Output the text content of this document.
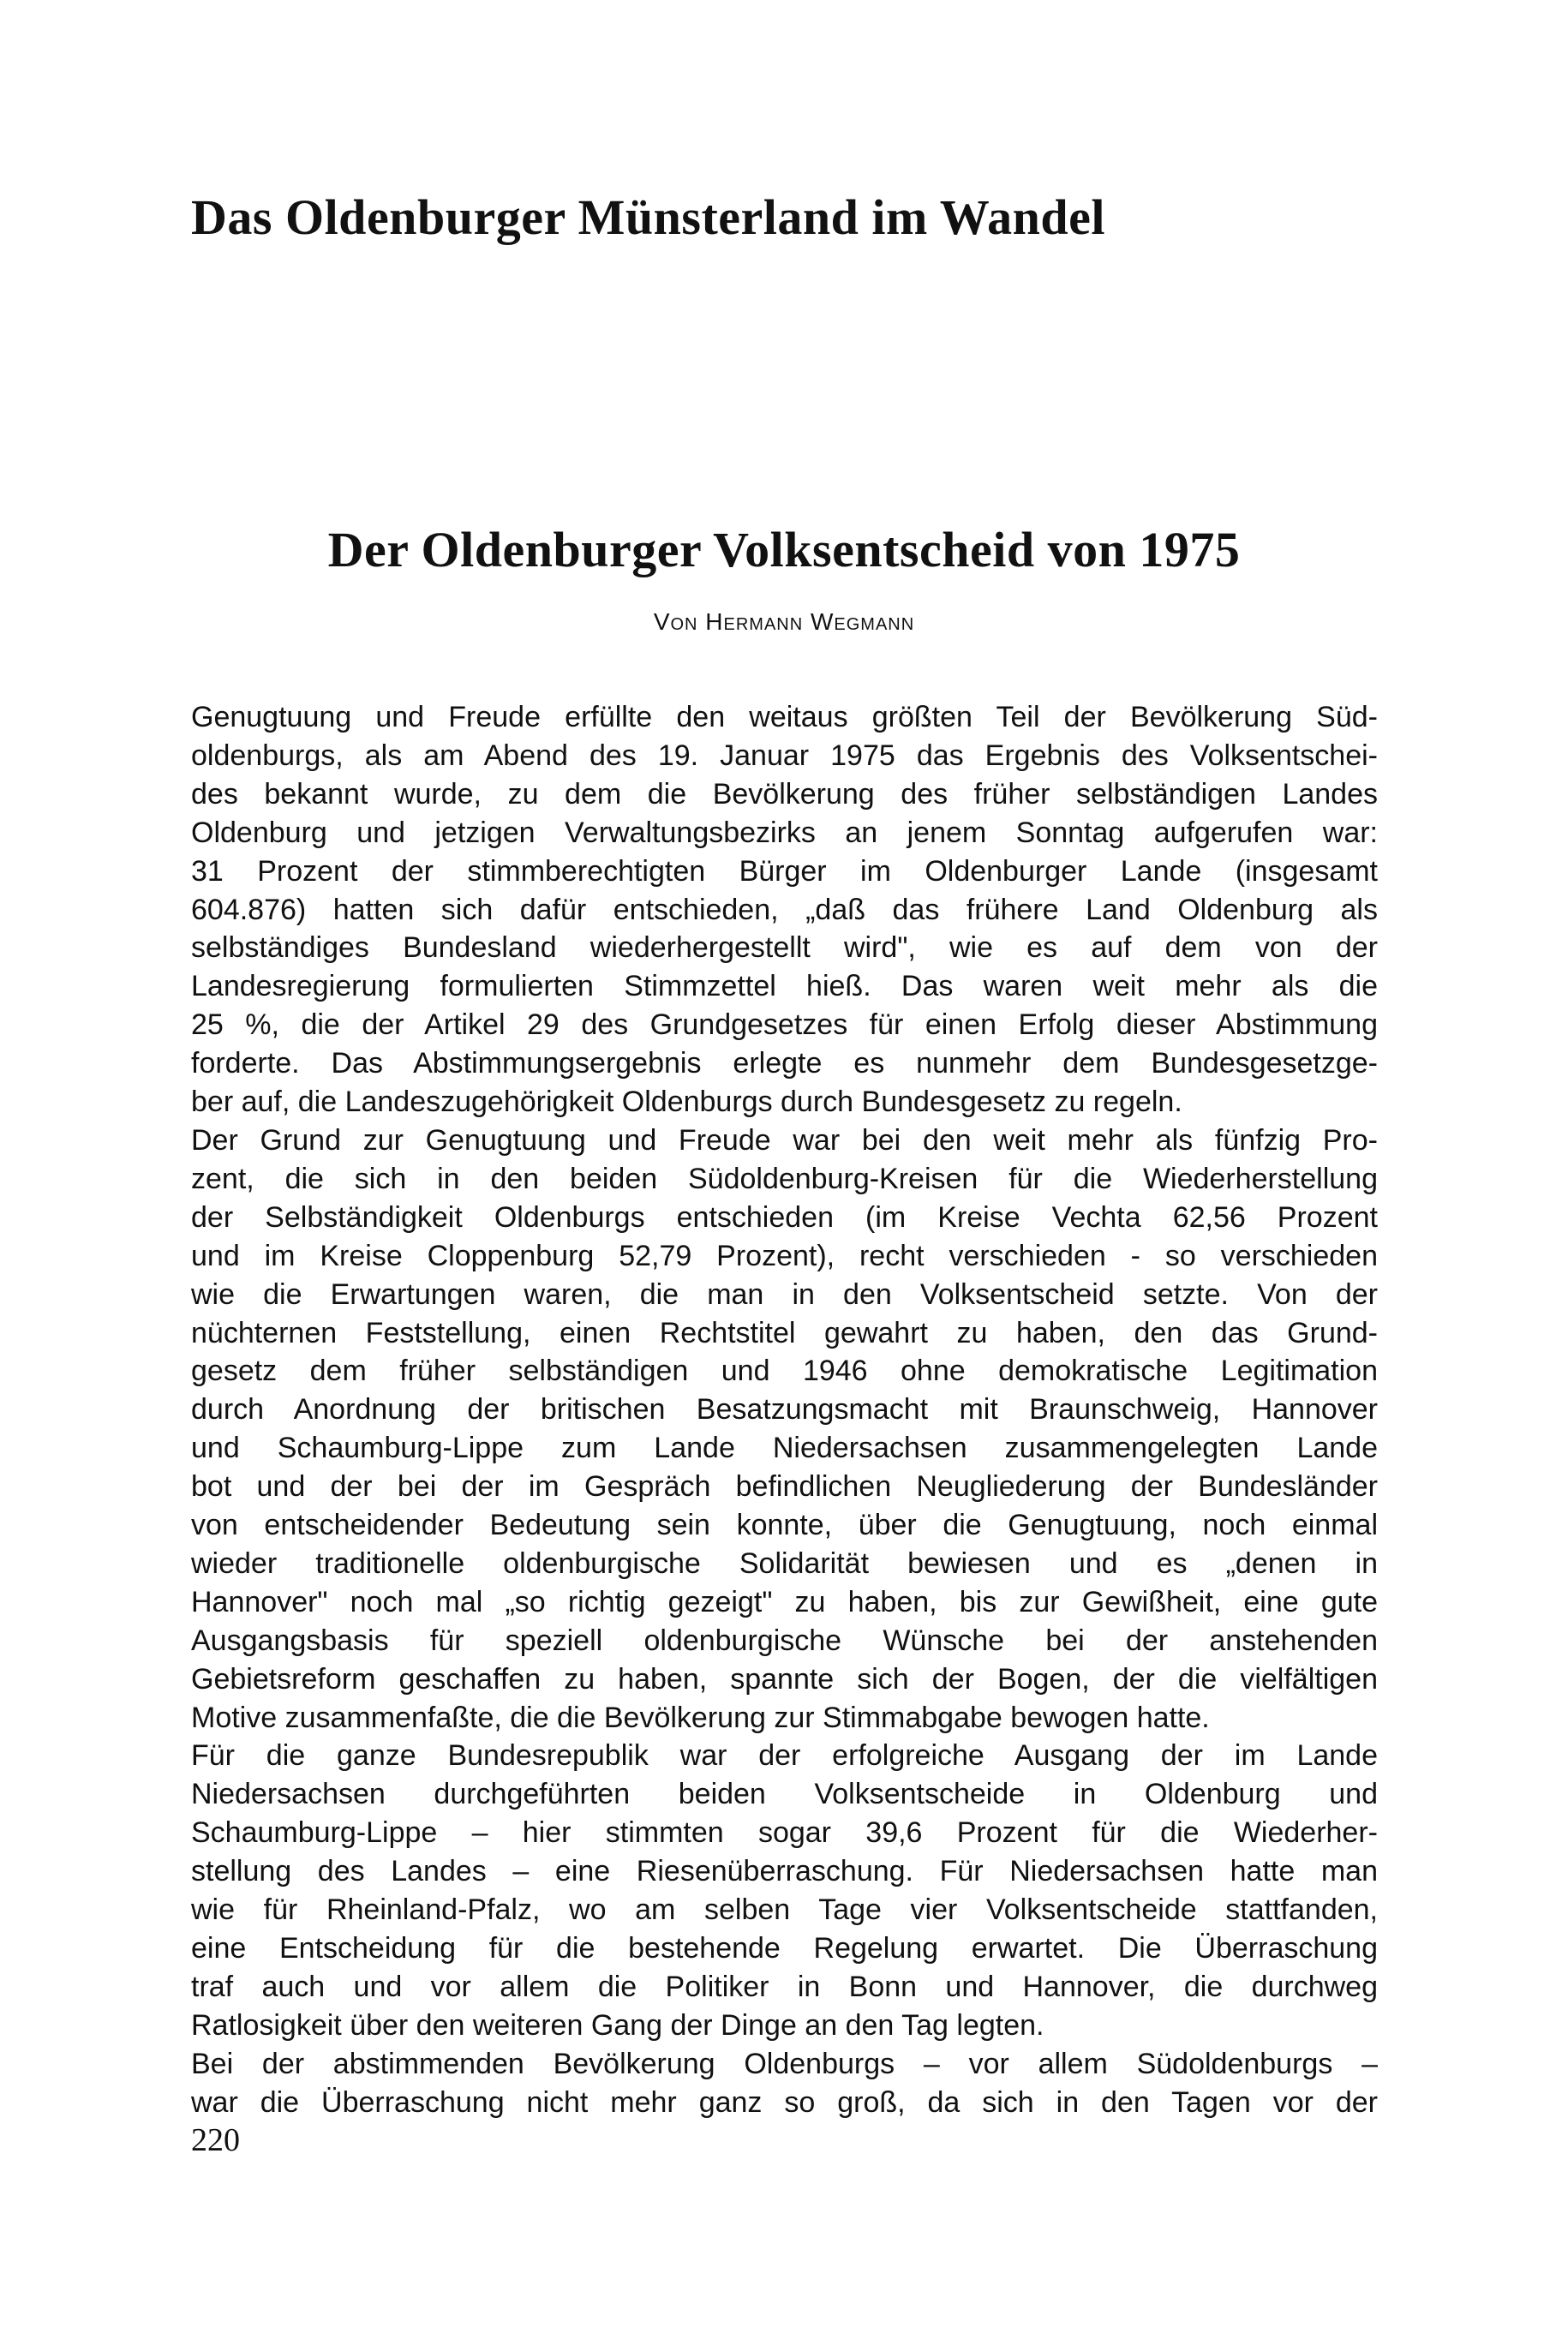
Das Oldenburger Münsterland im Wandel
Der Oldenburger Volksentscheid von 1975

Von Hermann Wegmann

Genugtuung und Freude erfüllte den weitaus größten Teil der Bevölkerung Süd-
oldenburgs, als am Abend des 19. Januar 1975 das Ergebnis des Volksentschei-
des bekannt wurde, zu dem die Bevölkerung des früher selbständigen Landes
Oldenburg und jetzigen Verwaltungsbezirks an jenem Sonntag aufgerufen war:
31 Prozent der stimmberechtigten Bürger im Oldenburger Lande (insgesamt
604.876) hatten sich dafür entschieden, „daß das frühere Land Oldenburg als
selbständiges Bundesland wiederhergestellt wird", wie es auf dem von der
Landesregierung formulierten Stimmzettel hieß. Das waren weit mehr als die
25 %, die der Artikel 29 des Grundgesetzes für einen Erfolg dieser Abstimmung
forderte. Das Abstimmungsergebnis erlegte es nunmehr dem Bundesgesetzge-
ber auf, die Landeszugehörigkeit Oldenburgs durch Bundesgesetz zu regeln.
Der Grund zur Genugtuung und Freude war bei den weit mehr als fünfzig Pro-
zent, die sich in den beiden Südoldenburg-Kreisen für die Wiederherstellung
der Selbständigkeit Oldenburgs entschieden (im Kreise Vechta 62,56 Prozent
und im Kreise Cloppenburg 52,79 Prozent), recht verschieden - so verschieden
wie die Erwartungen waren, die man in den Volksentscheid setzte. Von der
nüchternen Feststellung, einen Rechtstitel gewahrt zu haben, den das Grund-
gesetz dem früher selbständigen und 1946 ohne demokratische Legitimation
durch Anordnung der britischen Besatzungsmacht mit Braunschweig, Hannover
und Schaumburg-Lippe zum Lande Niedersachsen zusammengelegten Lande
bot und der bei der im Gespräch befindlichen Neugliederung der Bundesländer
von entscheidender Bedeutung sein konnte, über die Genugtuung, noch einmal
wieder traditionelle oldenburgische Solidarität bewiesen und es „denen in
Hannover" noch mal „so richtig gezeigt" zu haben, bis zur Gewißheit, eine gute
Ausgangsbasis für speziell oldenburgische Wünsche bei der anstehenden
Gebietsreform geschaffen zu haben, spannte sich der Bogen, der die vielfältigen
Motive zusammenfaßte, die die Bevölkerung zur Stimmabgabe bewogen hatte.
Für die ganze Bundesrepublik war der erfolgreiche Ausgang der im Lande
Niedersachsen durchgeführten beiden Volksentscheide in Oldenburg und
Schaumburg-Lippe – hier stimmten sogar 39,6 Prozent für die Wiederher-
stellung des Landes – eine Riesenüberraschung. Für Niedersachsen hatte man
wie für Rheinland-Pfalz, wo am selben Tage vier Volksentscheide stattfanden,
eine Entscheidung für die bestehende Regelung erwartet. Die Überraschung
traf auch und vor allem die Politiker in Bonn und Hannover, die durchweg
Ratlosigkeit über den weiteren Gang der Dinge an den Tag legten.
Bei der abstimmenden Bevölkerung Oldenburgs – vor allem Südoldenburgs –
war die Überraschung nicht mehr ganz so groß, da sich in den Tagen vor der

220
